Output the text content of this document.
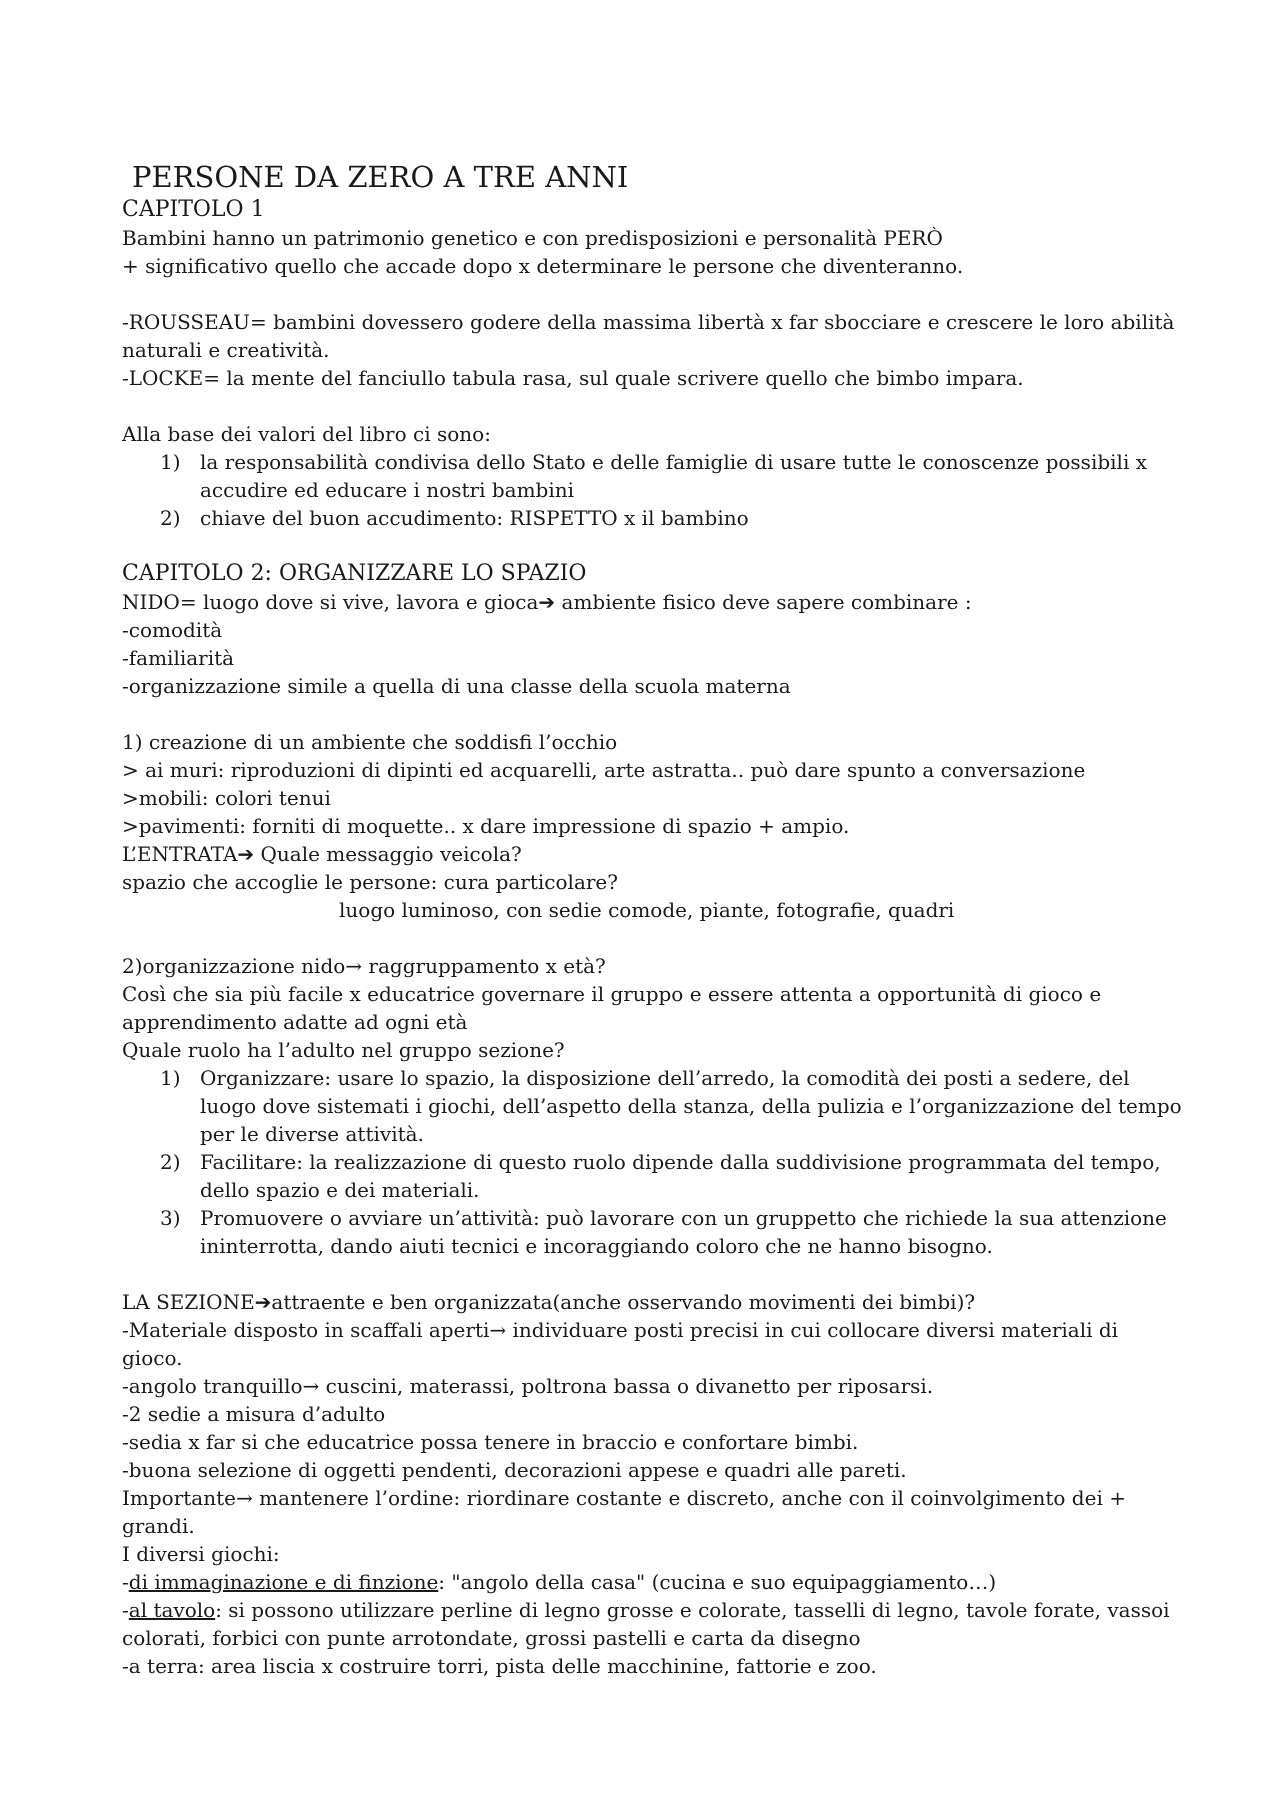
PERSONE DA ZERO A TRE ANNI
CAPITOLO 1
Bambini hanno un patrimonio genetico e con predisposizioni e personalità PERÒ
+ significativo quello che accade dopo x determinare le persone che diventeranno.
-ROUSSEAU= bambini dovessero godere della massima libertà x far sbocciare e crescere le loro abilità naturali e creatività.
-LOCKE= la mente del fanciullo tabula rasa, sul quale scrivere quello che bimbo impara.
Alla base dei valori del libro ci sono:
1) la responsabilità condivisa dello Stato e delle famiglie di usare tutte le conoscenze possibili x accudire ed educare i nostri bambini
2) chiave del buon accudimento: RISPETTO x il bambino
CAPITOLO 2: ORGANIZZARE LO SPAZIO
NIDO= luogo dove si vive, lavora e gioca➔ ambiente fisico deve sapere combinare :
-comodità
-familiarità
-organizzazione simile a quella di una classe della scuola materna
1) creazione di un ambiente che soddisfi l’occhio
> ai muri: riproduzioni di dipinti ed acquarelli, arte astratta.. può dare spunto a conversazione
>mobili: colori tenui
>pavimenti: forniti di moquette.. x dare impressione di spazio + ampio.
L’ENTRATA➔ Quale messaggio veicola?
spazio che accoglie le persone: cura particolare?
luogo luminoso, con sedie comode, piante, fotografie, quadri
2)organizzazione nido→ raggruppamento x età?
Così che sia più facile x educatrice governare il gruppo e essere attenta a opportunità di gioco e apprendimento adatte ad ogni età
Quale ruolo ha l’adulto nel gruppo sezione?
1) Organizzare: usare lo spazio, la disposizione dell’arredo, la comodità dei posti a sedere, del luogo dove sistemati i giochi, dell’aspetto della stanza, della pulizia e l’organizzazione del tempo per le diverse attività.
2) Facilitare: la realizzazione di questo ruolo dipende dalla suddivisione programmata del tempo, dello spazio e dei materiali.
3) Promuovere o avviare un’attività: può lavorare con un gruppetto che richiede la sua attenzione ininterrotta, dando aiuti tecnici e incoraggiando coloro che ne hanno bisogno.
LA SEZIONE➔attraente e ben organizzata(anche osservando movimenti dei bimbi)?
-Materiale disposto in scaffali aperti→ individuare posti precisi in cui collocare diversi materiali di gioco.
-angolo tranquillo→ cuscini, materassi, poltrona bassa o divanetto per riposarsi.
-2 sedie a misura d’adulto
-sedia x far si che educatrice possa tenere in braccio e confortare bimbi.
-buona selezione di oggetti pendenti, decorazioni appese e quadri alle pareti.
Importante→ mantenere l’ordine: riordinare costante e discreto, anche con il coinvolgimento dei + grandi.
I diversi giochi:
-di immaginazione e di finzione: "angolo della casa" (cucina e suo equipaggiamento…)
-al tavolo: si possono utilizzare perline di legno grosse e colorate, tasselli di legno, tavole forate, vassoi colorati, forbici con punte arrotondate, grossi pastelli e carta da disegno
-a terra: area liscia x costruire torri, pista delle macchinine, fattorie e zoo.
